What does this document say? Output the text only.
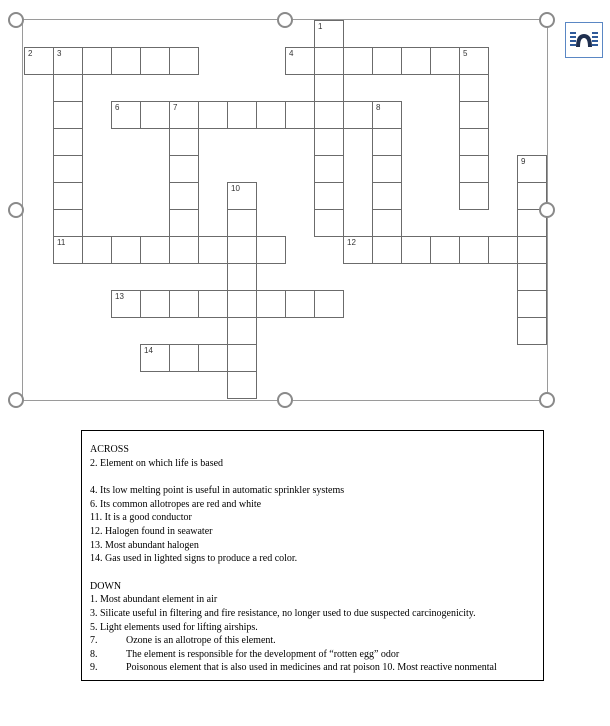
2	3	4	5
1
11
6	7	8
9
10
12
13
14
ACROSS
2. Element on which life is based
4. Its low melting point is useful in automatic sprinkler systems
6. Its common allotropes are red and white
11. It is a good conductor
12. Halogen found in seawater
13. Most abundant halogen
14. Gas used in lighted signs to produce a red color.
DOWN
1. Most abundant element in air
3. Silicate useful in filtering and fire resistance, no longer used to due suspected carcinogenicity.
5. Light elements used for lifting airships.
7.	Ozone is an allotrope of this element.
8.	The element is responsible for the development of “rotten egg” odor
9.	Poisonous element that is also used in medicines and rat poison 10. Most reactive nonmental
